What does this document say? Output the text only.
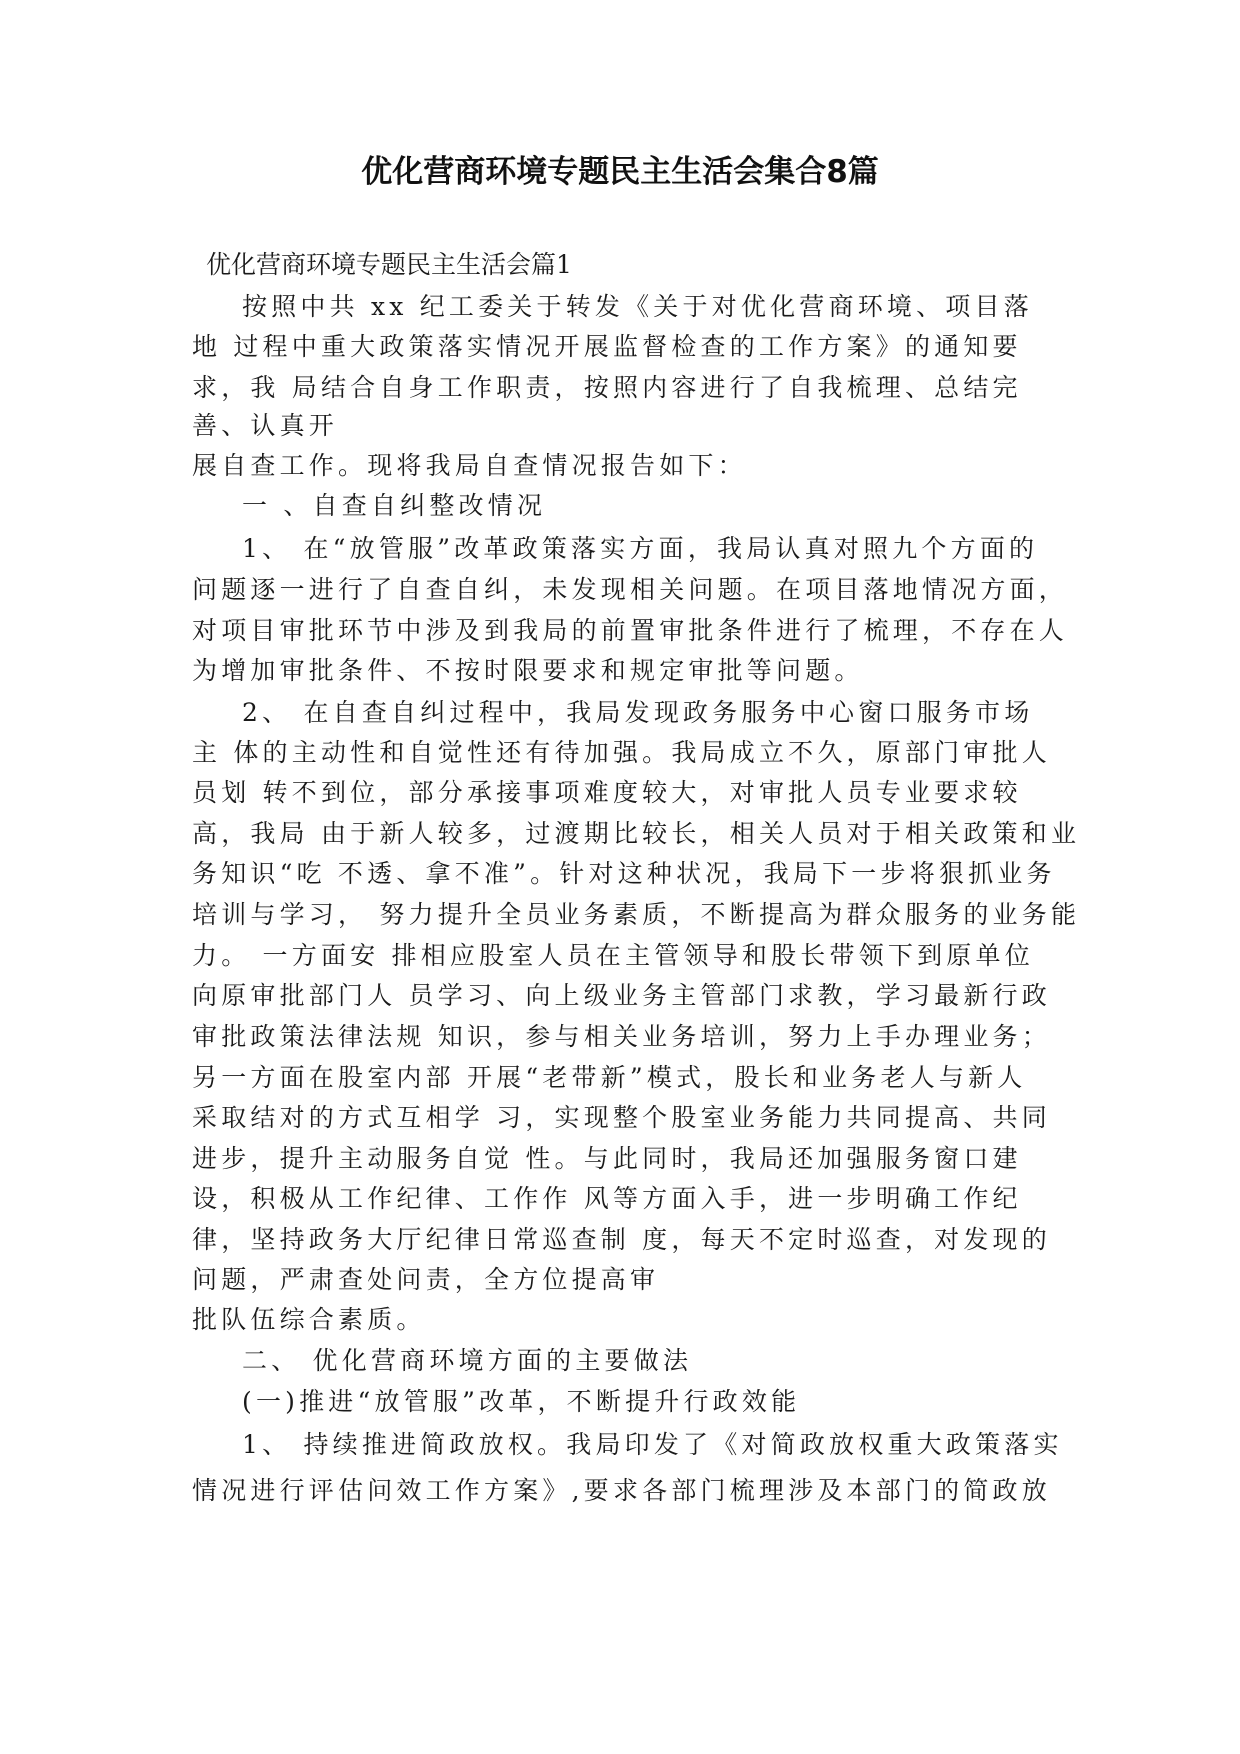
优化营商环境专题民主生活会集合8篇
优化营商环境专题民主生活会篇1
按照中共 xx 纪工委关于转发《关于对优化营商环境、项目落
地 过程中重大政策落实情况开展监督检查的工作方案》的通知要
求，我 局结合自身工作职责，按照内容进行了自我梳理、总结完
善、认真开
展自查工作。现将我局自查情况报告如下：
一 、自查自纠整改情况
1、 在“放管服”改革政策落实方面，我局认真对照九个方面的
问题逐一进行了自查自纠，未发现相关问题。在项目落地情况方面，
对项目审批环节中涉及到我局的前置审批条件进行了梳理，不存在人
为增加审批条件、不按时限要求和规定审批等问题。
2、 在自查自纠过程中，我局发现政务服务中心窗口服务市场
主 体的主动性和自觉性还有待加强。我局成立不久，原部门审批人
员划 转不到位，部分承接事项难度较大，对审批人员专业要求较
高，我局 由于新人较多，过渡期比较长，相关人员对于相关政策和业
务知识“吃 不透、拿不准”。针对这种状况，我局下一步将狠抓业务
培训与学习， 努力提升全员业务素质，不断提高为群众服务的业务能
力。 一方面安 排相应股室人员在主管领导和股长带领下到原单位
向原审批部门人 员学习、向上级业务主管部门求教，学习最新行政
审批政策法律法规 知识，参与相关业务培训，努力上手办理业务；
另一方面在股室内部 开展“老带新”模式，股长和业务老人与新人
采取结对的方式互相学 习，实现整个股室业务能力共同提高、共同
进步，提升主动服务自觉 性。与此同时，我局还加强服务窗口建
设，积极从工作纪律、工作作 风等方面入手，进一步明确工作纪
律，坚持政务大厅纪律日常巡查制 度，每天不定时巡查，对发现的
问题，严肃查处问责，全方位提高审
批队伍综合素质。
二、 优化营商环境方面的主要做法
(一)推进“放管服”改革，不断提升行政效能
1、 持续推进简政放权。我局印发了《对简政放权重大政策落实
情况进行评估问效工作方案》,要求各部门梳理涉及本部门的简政放
